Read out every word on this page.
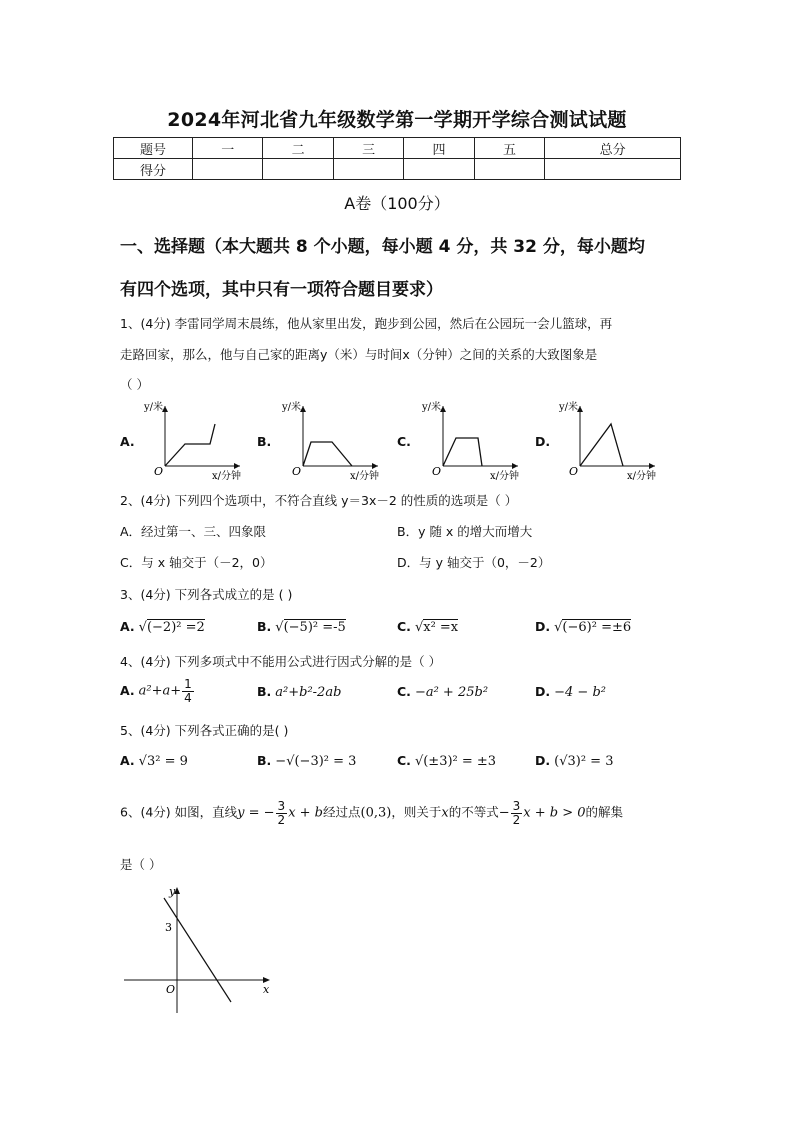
2024年河北省九年级数学第一学期开学综合测试试题
题号	一	二	三	四	五	总分
得分						
A卷（100分）
一、选择题（本大题共 8 个小题，每小题 4 分，共 32 分，每小题均
有四个选项，其中只有一项符合题目要求）
1、(4分) 李雷同学周末晨练，他从家里出发，跑步到公园，然后在公园玩一会儿篮球，再
走路回家，那么，他与自己家的距离y（米）与时间x（分钟）之间的关系的大致图象是
（ ）
A.	B.	C.	D.
y/米
O	x/分钟
y/米
O	x/分钟
y/米
O	x/分钟
y/米
O	x/分钟
2、(4分) 下列四个选项中，不符合直线 y＝3x－2 的性质的选项是（ ）
A．经过第一、三、四象限	B．y 随 x 的增大而增大
C．与 x 轴交于（－2，0）	D．与 y 轴交于（0，－2）
3、(4分) 下列各式成立的是 ( )
A. √(−2)² =2	B. √(−5)² =-5	C. √x² =x	D. √(−6)² =±6
4、(4分) 下列多项式中不能用公式进行因式分解的是（ ）
A. $a^2+a+ \frac{1}{4}$	B. a²+b²-2ab	C. −a² + 25b²	D. −4 − b²
5、(4分) 下列各式正确的是( )
A. √3² = 9	B. −√(−3)² = 3	C. √(±3)² = ±3	D. (√3)² = 3
6、(4分) 如图，直线y = − $\frac{3}{2}$ x + b经过点(0,3)，则关于x的不等式− $\frac{3}{2}$ x + b > 0的解集
是（ ）
y
x
3
O
